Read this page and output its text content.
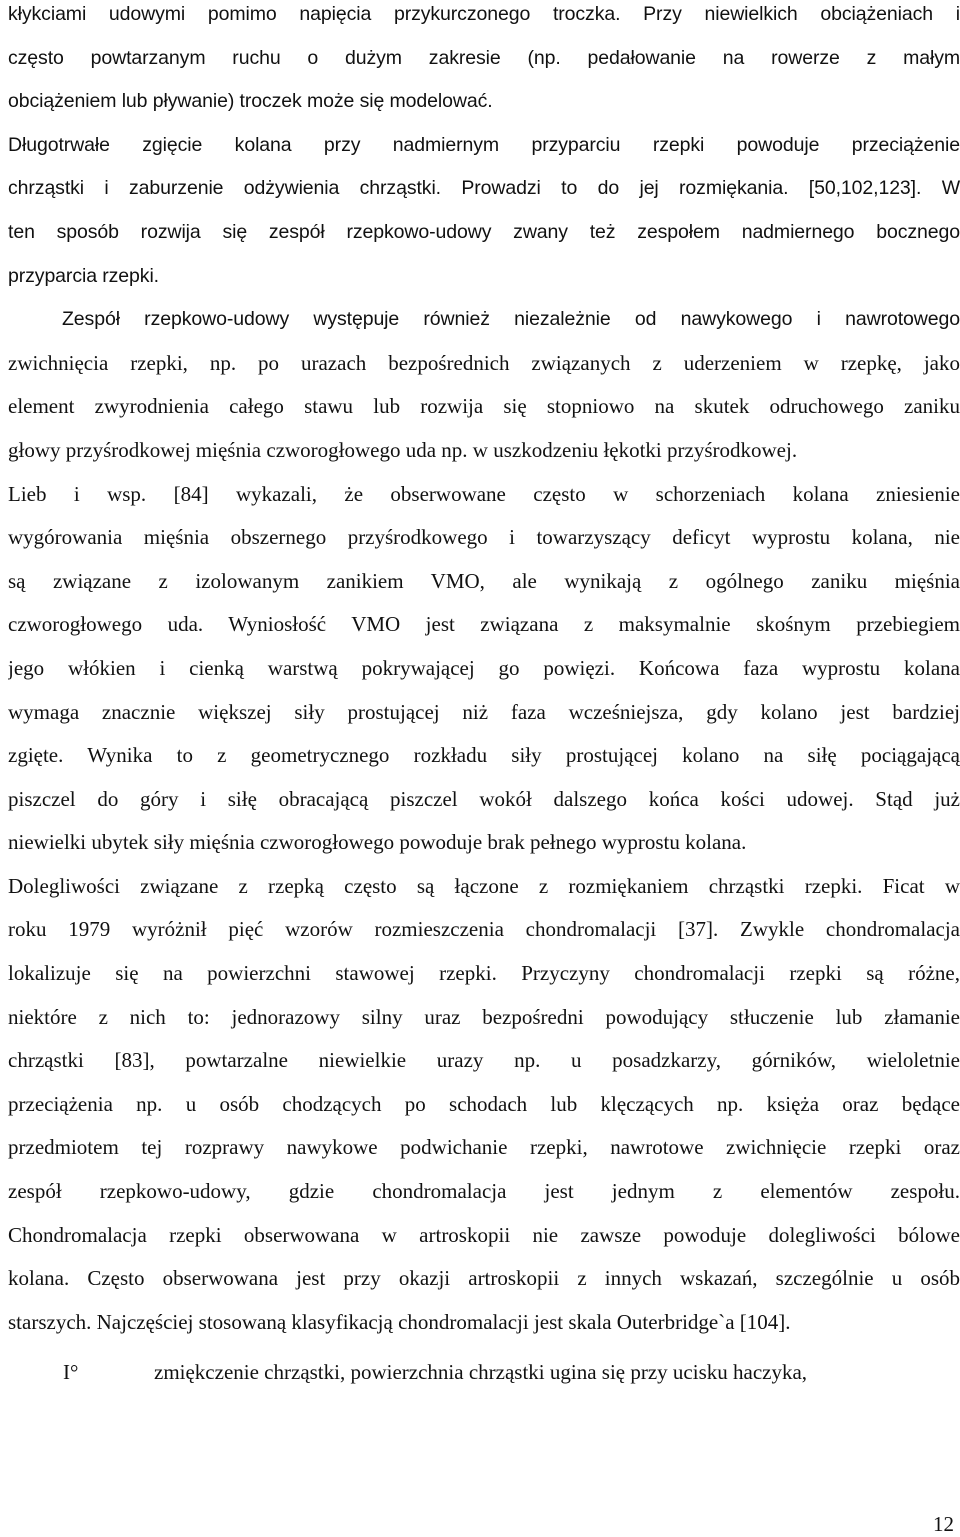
kłykciami udowymi pomimo napięcia przykurczonego troczka. Przy niewielkich obciążeniach i
często powtarzanym ruchu o dużym zakresie (np. pedałowanie na rowerze z małym
obciążeniem lub pływanie) troczek może się modelować.
Długotrwałe zgięcie kolana przy nadmiernym przyparciu rzepki powoduje przeciążenie
chrząstki i zaburzenie odżywienia chrząstki. Prowadzi to do jej rozmiękania. [50,102,123]. W
ten sposób rozwija się zespół rzepkowo-udowy zwany też zespołem nadmiernego bocznego
przyparcia rzepki.
Zespół rzepkowo-udowy występuje również niezależnie od nawykowego i nawrotowego
zwichnięcia rzepki, np. po urazach bezpośrednich związanych z uderzeniem w rzepkę, jako
element zwyrodnienia całego stawu lub rozwija się stopniowo na skutek odruchowego zaniku
głowy przyśrodkowej mięśnia czworogłowego uda np. w uszkodzeniu łękotki przyśrodkowej.
Lieb i wsp. [84] wykazali, że obserwowane często w schorzeniach kolana zniesienie
wygórowania mięśnia obszernego przyśrodkowego i towarzyszący deficyt wyprostu kolana, nie
są związane z izolowanym zanikiem VMO, ale wynikają z ogólnego zaniku mięśnia
czworogłowego uda. Wyniosłość VMO jest związana z maksymalnie skośnym przebiegiem
jego włókien i cienką warstwą pokrywającej go powięzi. Końcowa faza wyprostu kolana
wymaga znacznie większej siły prostującej niż faza wcześniejsza, gdy kolano jest bardziej
zgięte. Wynika to z geometrycznego rozkładu siły prostującej kolano na siłę pociągającą
piszczel do góry i siłę obracającą piszczel wokół dalszego końca kości udowej. Stąd już
niewielki ubytek siły mięśnia czworogłowego powoduje brak pełnego wyprostu kolana.
Dolegliwości związane z rzepką często są łączone z rozmiękaniem chrząstki rzepki. Ficat w
roku 1979 wyróżnił pięć wzorów rozmieszczenia chondromalacji [37]. Zwykle chondromalacja
lokalizuje się na powierzchni stawowej rzepki. Przyczyny chondromalacji rzepki są różne,
niektóre z nich to: jednorazowy silny uraz bezpośredni powodujący stłuczenie lub złamanie
chrząstki [83], powtarzalne niewielkie urazy np. u posadzkarzy, górników, wieloletnie
przeciążenia np. u osób chodzących po schodach lub klęczących np. księża oraz będące
przedmiotem tej rozprawy nawykowe podwichanie rzepki, nawrotowe zwichnięcie rzepki oraz
zespół rzepkowo-udowy, gdzie chondromalacja jest jednym z elementów zespołu.
Chondromalacja rzepki obserwowana w artroskopii nie zawsze powoduje dolegliwości bólowe
kolana. Często obserwowana jest przy okazji artroskopii z innych wskazań, szczególnie u osób
starszych. Najczęściej stosowaną klasyfikacją chondromalacji jest skala Outerbridge`a [104].
I°	zmiękczenie chrząstki, powierzchnia chrząstki ugina się przy ucisku haczyka,
12
